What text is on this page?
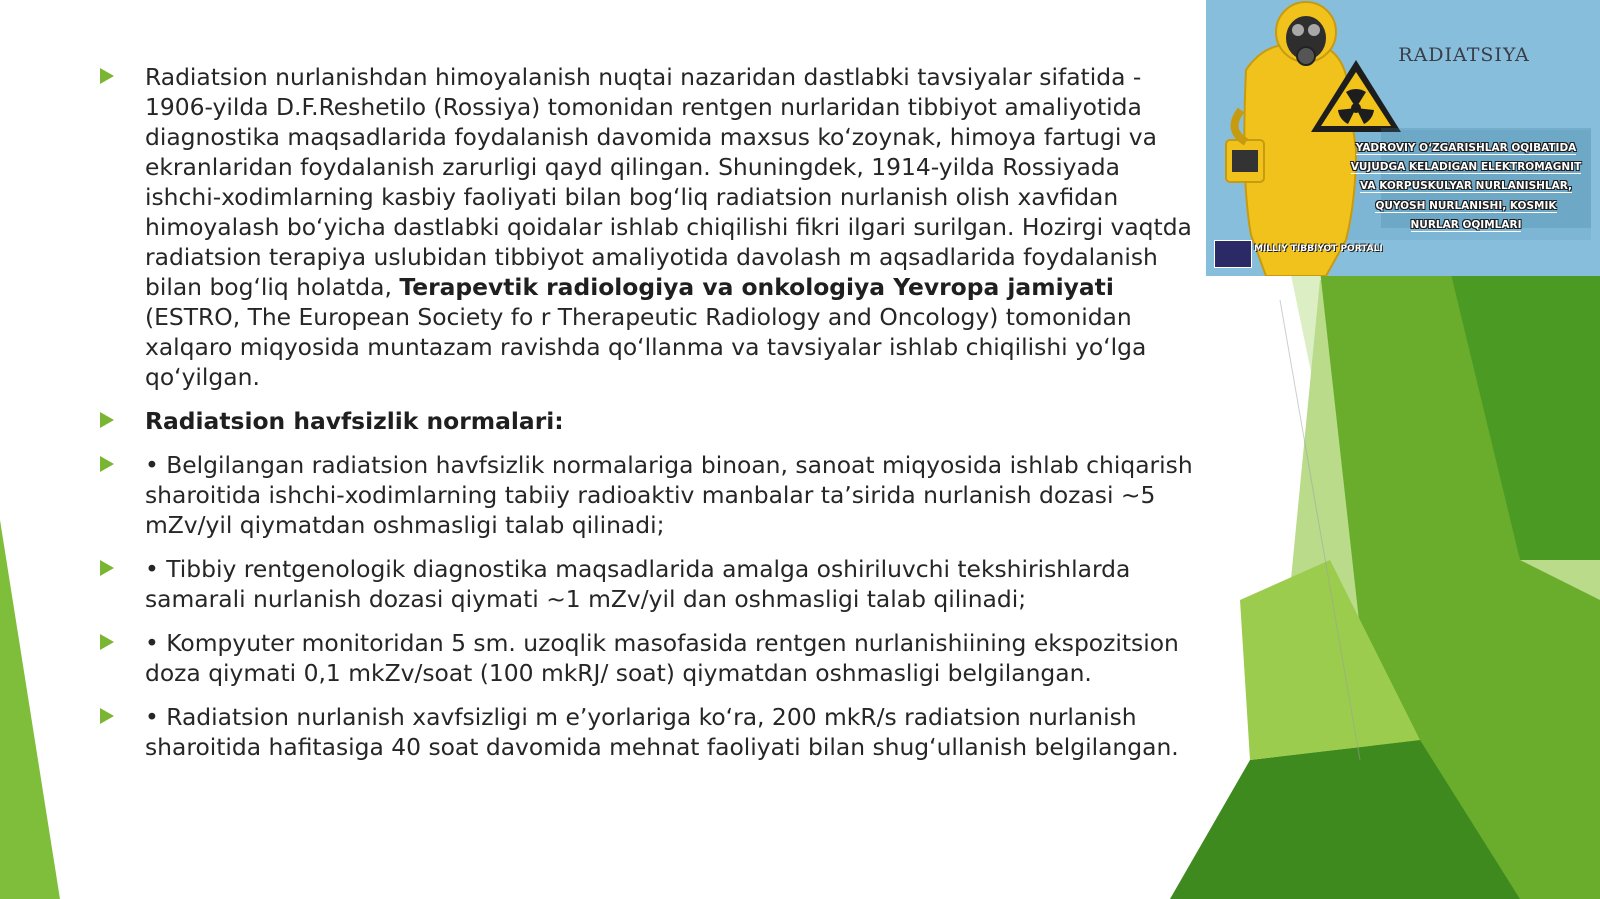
Radiatsion nurlanishdan himoyalanish nuqtai nazaridan dastlabki tavsiyalar sifatida - 1906-yilda D.F.Reshetilo (Rossiya) tomonidan rentgen nurlaridan tibbiyot amaliyotida diagnostika maqsadlarida foydalanish davomida maxsus koʻzoynak, himoya fartugi va ekranlaridan foydalanish zarurligi qayd qilingan. Shuningdek, 1914-yilda Rossiyada ishchi-xodimlarning kasbiy faoliyati bilan bogʻliq radiatsion nurlanish olish xavfidan himoyalash boʻyicha dastlabki qoidalar ishlab chiqilishi fikri ilgari surilgan. Hozirgi vaqtda radiatsion terapiya uslubidan tibbiyot amaliyotida davolash m aqsadlarida foydalanish bilan bogʻliq holatda, Terapevtik radiologiya va onkologiya Yevropa jamiyati (ESTRO, The European Society fo r Therapeutic Radiology and Oncology) tomonidan xalqaro miqyosida muntazam ravishda qoʻllanma va tavsiyalar ishlab chiqilishi yoʻlga qoʻyilgan.
Radiatsion havfsizlik normalari:
• Belgilangan radiatsion havfsizlik normalariga binoan, sanoat miqyosida ishlab chiqarish sharoitida ishchi-xodimlarning tabiiy radioaktiv manbalar taʼsirida nurlanish dozasi ~5 mZv/yil qiymatdan oshmasligi talab qilinadi;
• Tibbiy rentgenologik diagnostika maqsadlarida amalga oshiriluvchi tekshirishlarda samarali nurlanish dozasi qiymati ~1 mZv/yil dan oshmasligi talab qilinadi;
• Kompyuter monitoridan 5 sm. uzoqlik masofasida rentgen nurlanishiining ekspozitsion doza qiymati 0,1 mkZv/soat (100 mkRJ/ soat) qiymatdan oshmasligi belgilangan.
• Radiatsion nurlanish xavfsizligi m eʼyorlariga koʻra, 200 mkR/s radiatsion nurlanish sharoitida hafitasiga 40 soat davomida mehnat faoliyati bilan shugʻullanish belgilangan.
RADIATSIYA
YADROVIY OʻZGARISHLAR OQIBATIDA
VUJUDGA KELADIGAN ELEKTROMAGNIT
VA KORPUSKULYAR NURLANISHLAR,
QUYOSH NURLANISHI, KOSMIK
NURLAR OQIMLARI
MILLIY TIBBIYOT PORTALI
